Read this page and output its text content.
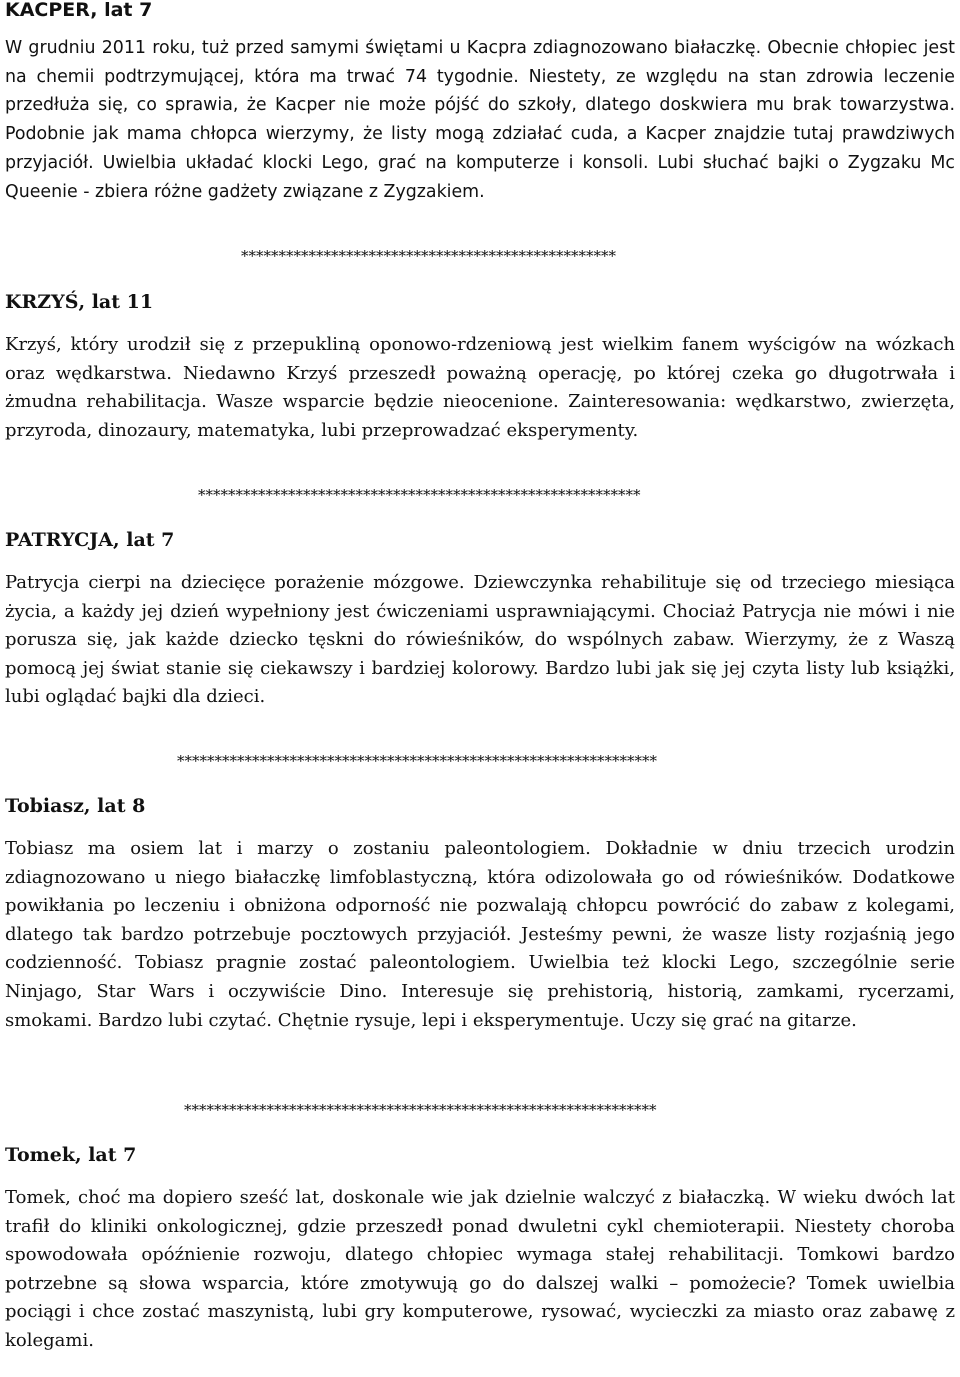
KACPER, lat 7

W grudniu 2011 roku, tuż przed samymi świętami u Kacpra zdiagnozowano białaczkę. Obecnie chłopiec jest na chemii podtrzymującej, która ma trwać 74 tygodnie. Niestety, ze względu na stan zdrowia leczenie przedłuża się, co sprawia, że Kacper nie może pójść do szkoły, dlatego doskwiera mu brak towarzystwa. Podobnie jak mama chłopca wierzymy, że listy mogą zdziałać cuda, a Kacper znajdzie tutaj prawdziwych przyjaciół. Uwielbia układać klocki Lego, grać na komputerze i konsoli. Lubi słuchać bajki o Zygzaku Mc Queenie - zbiera różne gadżety związane z Zygzakiem.

**************************************************
KRZYŚ, lat 11

Krzyś, który urodził się z przepukliną oponowo-rdzeniową jest wielkim fanem wyścigów na wózkach oraz wędkarstwa. Niedawno Krzyś przeszedł poważną operację, po której czeka go długotrwała i żmudna rehabilitacja. Wasze wsparcie będzie nieocenione. Zainteresowania: wędkarstwo, zwierzęta, przyroda, dinozaury, matematyka, lubi przeprowadzać eksperymenty.

***********************************************************
PATRYCJA, lat 7

Patrycja cierpi na dziecięce porażenie mózgowe. Dziewczynka rehabilituje się od trzeciego miesiąca życia, a każdy jej dzień wypełniony jest ćwiczeniami usprawniającymi. Chociaż Patrycja nie mówi i nie porusza się, jak każde dziecko tęskni do rówieśników, do wspólnych zabaw. Wierzymy, że z Waszą pomocą jej świat stanie się ciekawszy i bardziej kolorowy. Bardzo lubi jak się jej czyta listy lub książki, lubi oglądać bajki dla dzieci.

****************************************************************
Tobiasz, lat 8

Tobiasz ma osiem lat i marzy o zostaniu paleontologiem. Dokładnie w dniu trzecich urodzin zdiagnozowano u niego białaczkę limfoblastyczną, która odizolowała go od rówieśników. Dodatkowe powikłania po leczeniu i obniżona odporność nie pozwalają chłopcu powrócić do zabaw z kolegami, dlatego tak bardzo potrzebuje pocztowych przyjaciół. Jesteśmy pewni, że wasze listy rozjaśnią jego codzienność. Tobiasz pragnie zostać paleontologiem. Uwielbia też klocki Lego, szczególnie serie Ninjago, Star Wars i oczywiście Dino. Interesuje się prehistorią, historią, zamkami, rycerzami, smokami. Bardzo lubi czytać. Chętnie rysuje, lepi i eksperymentuje. Uczy się grać na gitarze.

***************************************************************
Tomek, lat 7

Tomek, choć ma dopiero sześć lat, doskonale wie jak dzielnie walczyć z białaczką. W wieku dwóch lat trafił do kliniki onkologicznej, gdzie przeszedł ponad dwuletni cykl chemioterapii. Niestety choroba spowodowała opóźnienie rozwoju, dlatego chłopiec wymaga stałej rehabilitacji. Tomkowi bardzo potrzebne są słowa wsparcia, które zmotywują go do dalszej walki – pomożecie? Tomek uwielbia pociągi i chce zostać maszynistą, lubi gry komputerowe, rysować, wycieczki za miasto oraz zabawę z kolegami.
